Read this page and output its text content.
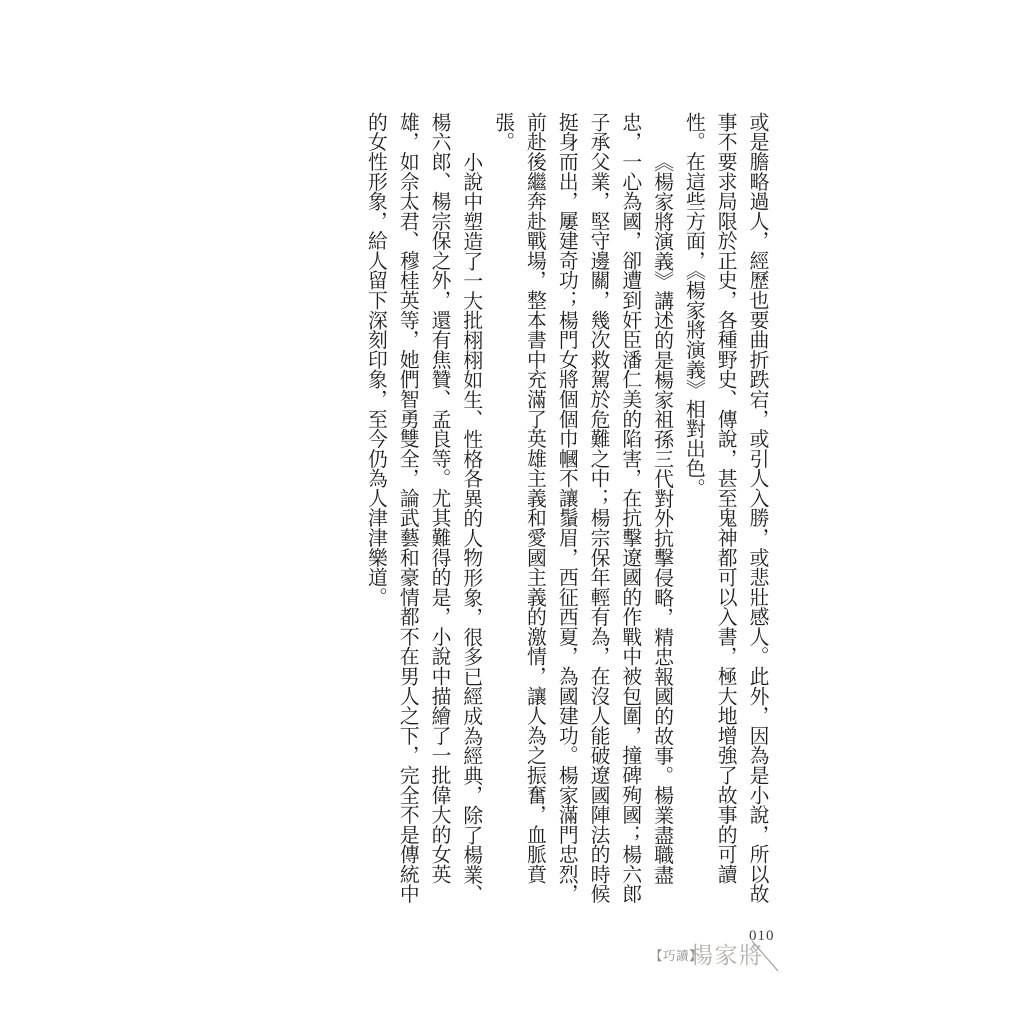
或是膽略過人，經歷也要曲折跌宕，或引人入勝，或悲壯感人。此外，因為是小說，所以故事不要求局限於正史，各種野史、傳說，甚至鬼神都可以入書，極大地增強了故事的可讀性。在這些方面，《楊家將演義》相對出色。

《楊家將演義》講述的是楊家祖孫三代對外抗擊侵略，精忠報國的故事。楊業盡職盡忠，一心為國，卻遭到奸臣潘仁美的陷害，在抗擊遼國的作戰中被包圍，撞碑殉國；楊六郎子承父業，堅守邊關，幾次救駕於危難之中；楊宗保年輕有為，在沒人能破遼國陣法的時候挺身而出，屢建奇功；楊門女將個個巾幗不讓鬚眉，西征西夏，為國建功。楊家滿門忠烈，前赴後繼奔赴戰場，整本書中充滿了英雄主義和愛國主義的激情，讓人為之振奮，血脈賁張。

小說中塑造了一大批栩栩如生、性格各異的人物形象，很多已經成為經典，除了楊業、楊六郎、楊宗保之外，還有焦贊、孟良等。尤其難得的是，小說中描繪了一批偉大的女英雄，如佘太君、穆桂英等，她們智勇雙全，論武藝和豪情都不在男人之下，完全不是傳統中的女性形象，給人留下深刻印象，至今仍為人津津樂道。

【巧讀】
楊家將
010
